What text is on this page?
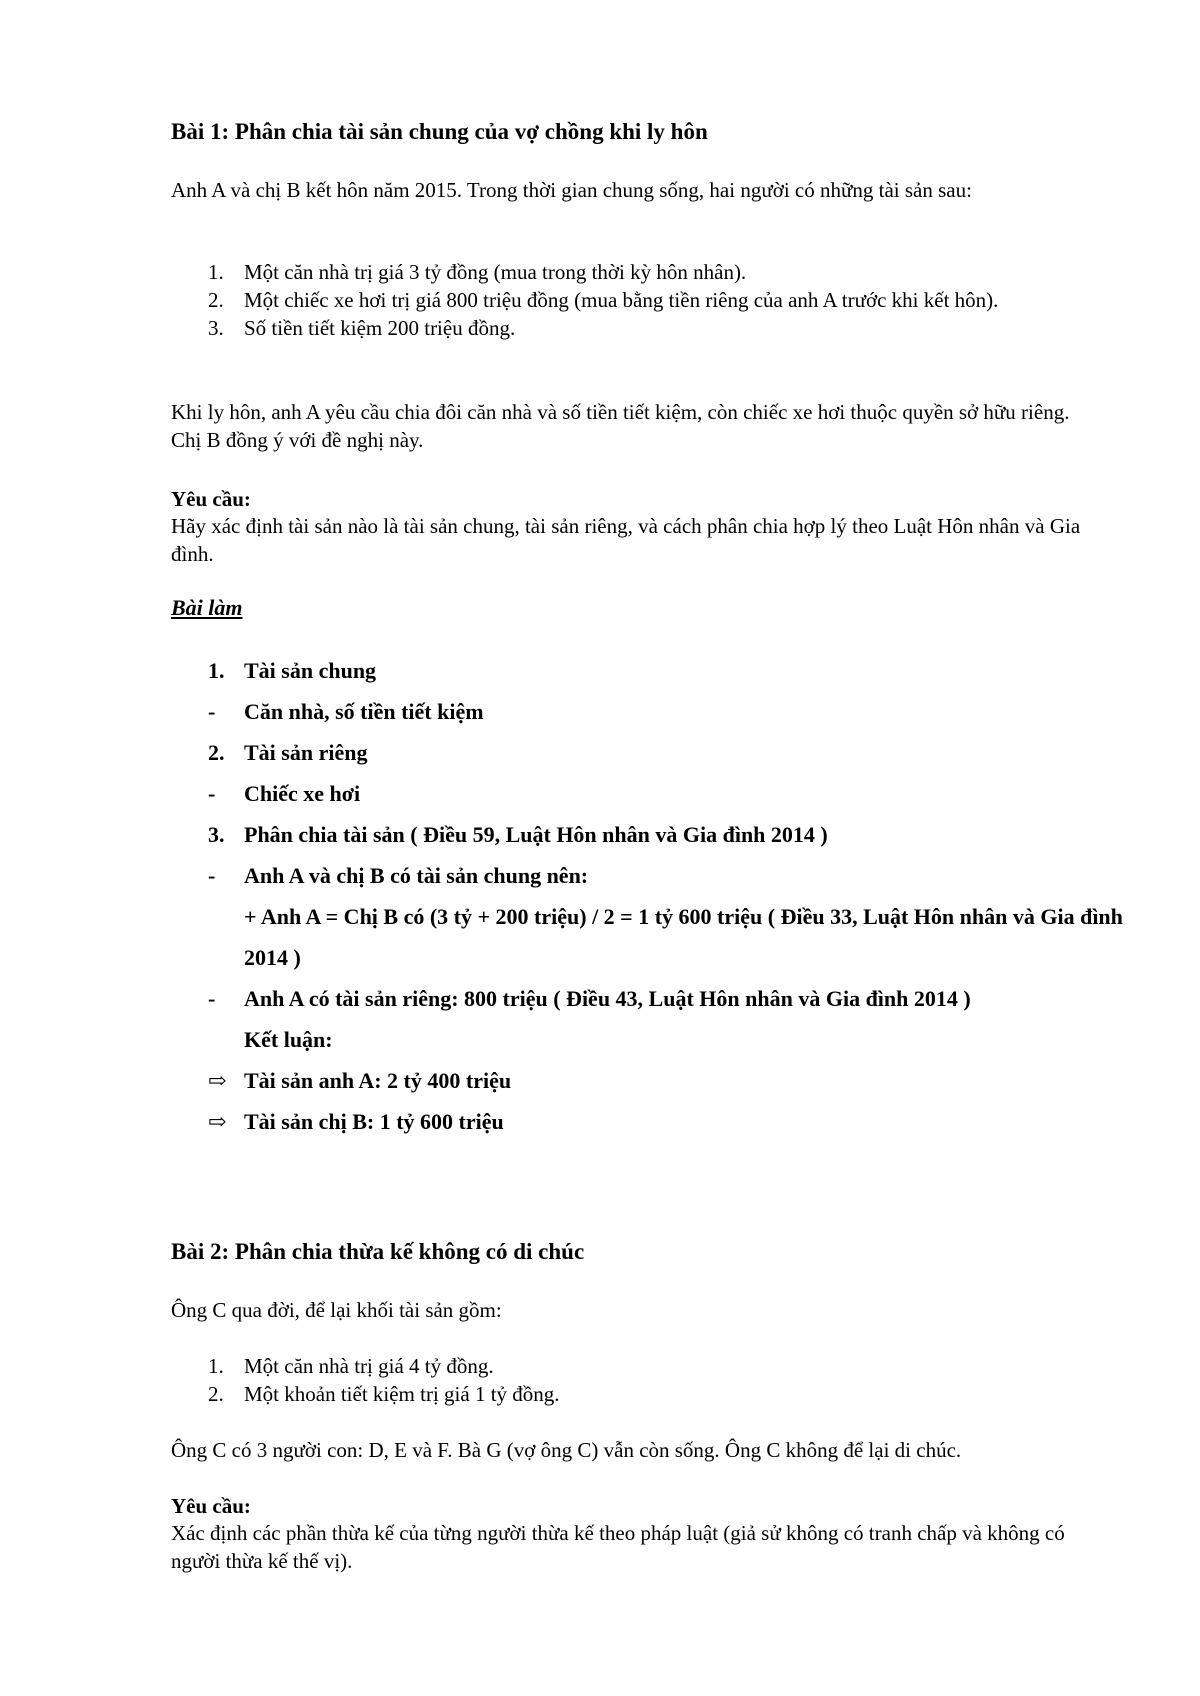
Bài 1: Phân chia tài sản chung của vợ chồng khi ly hôn

Anh A và chị B kết hôn năm 2015. Trong thời gian chung sống, hai người có những tài sản sau:

1. Một căn nhà trị giá 3 tỷ đồng (mua trong thời kỳ hôn nhân).
2. Một chiếc xe hơi trị giá 800 triệu đồng (mua bằng tiền riêng của anh A trước khi kết hôn).
3. Số tiền tiết kiệm 200 triệu đồng.

Khi ly hôn, anh A yêu cầu chia đôi căn nhà và số tiền tiết kiệm, còn chiếc xe hơi thuộc quyền sở hữu riêng. Chị B đồng ý với đề nghị này.

Yêu cầu:

Hãy xác định tài sản nào là tài sản chung, tài sản riêng, và cách phân chia hợp lý theo Luật Hôn nhân và Gia đình.

Bài làm
1. Tài sản chung
- Căn nhà, số tiền tiết kiệm
2. Tài sản riêng
- Chiếc xe hơi
3. Phân chia tài sản ( Điều 59, Luật Hôn nhân và Gia đình 2014 )
- Anh A và chị B có tài sản chung nên:
+ Anh A = Chị B có (3 tỷ + 200 triệu) / 2 = 1 tỷ 600 triệu ( Điều 33, Luật Hôn nhân và Gia đình 2014 )
- Anh A có tài sản riêng: 800 triệu ( Điều 43, Luật Hôn nhân và Gia đình 2014 )
Kết luận:
⇨ Tài sản anh A: 2 tỷ 400 triệu
⇨ Tài sản chị B: 1 tỷ 600 triệu
Bài 2: Phân chia thừa kế không có di chúc

Ông C qua đời, để lại khối tài sản gồm:

1. Một căn nhà trị giá 4 tỷ đồng.
2. Một khoản tiết kiệm trị giá 1 tỷ đồng.

Ông C có 3 người con: D, E và F. Bà G (vợ ông C) vẫn còn sống. Ông C không để lại di chúc.

Yêu cầu:

Xác định các phần thừa kế của từng người thừa kế theo pháp luật (giả sử không có tranh chấp và không có người thừa kế thế vị).
